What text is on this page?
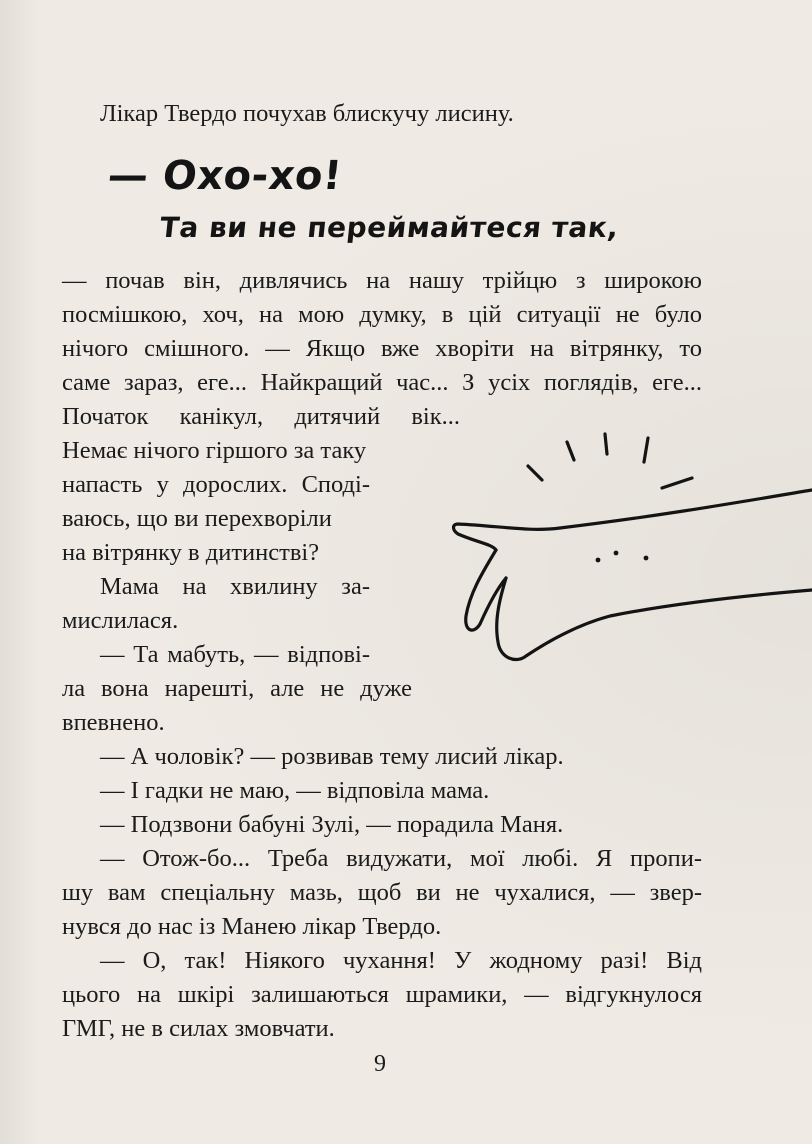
Лікар Твердо почухав блискучу лисину.
— Охо-хо!
Та ви не переймайтеся так,
— почав він, дивлячись на нашу трійцю з широкою
посмішкою, хоч, на мою думку, в цій ситуації не було
нічого смішного. — Якщо вже хворіти на вітрянку, то
саме зараз, еге... Найкращий час... З усіх поглядів, еге...
Початок канікул, дитячий вік...
Немає нічого гіршого за таку
напасть у дорослих. Споді-
ваюсь, що ви перехворіли
на вітрянку в дитинстві?
Мама на хвилину за-
мислилася.
— Та мабуть, — відпові-
ла вона нарешті, але не дуже
впевнено.
— А чоловік? — розвивав тему лисий лікар.
— І гадки не маю, — відповіла мама.
— Подзвони бабуні Зулі, — порадила Маня.
— Отож-бо... Треба видужати, мої любі. Я пропи-
шу вам спеціальну мазь, щоб ви не чухалися, — звер-
нувся до нас із Манею лікар Твердо.
— О, так! Ніякого чухання! У жодному разі! Від
цього на шкірі залишаються шрамики, — відгукнулося
ГМГ, не в силах змовчати.
9
